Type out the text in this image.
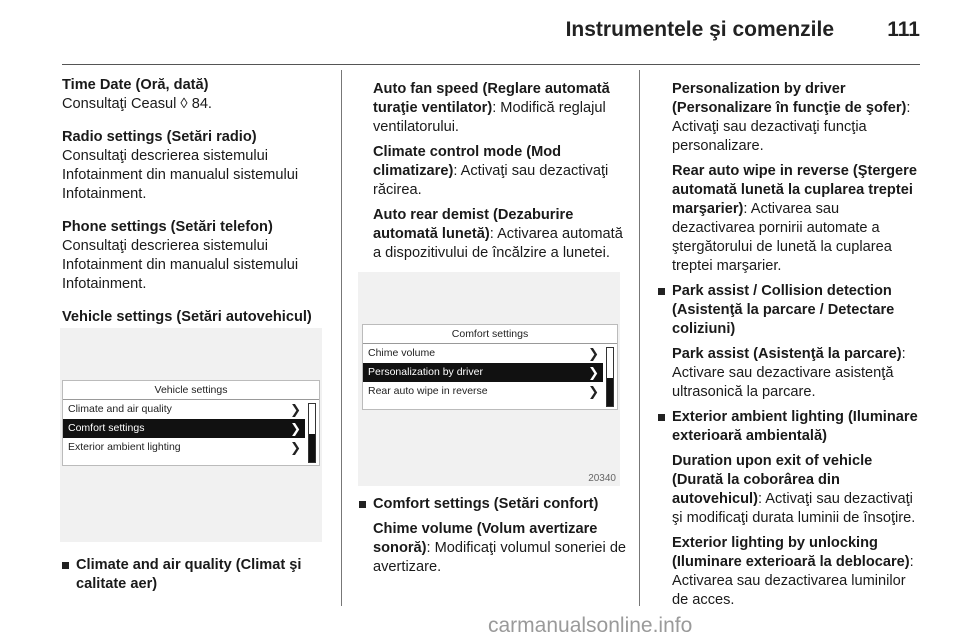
Instrumentele şi comenzile	111
Time Date (Oră, dată)
Consultaţi Ceasul ◊ 84.
Radio settings (Setări radio)
Consultaţi descrierea sistemului Infotainment din manualul sistemului Infotainment.
Phone settings (Setări telefon)
Consultaţi descrierea sistemului Infotainment din manualul sistemului Infotainment.
Vehicle settings (Setări autovehicul)
Vehicle settings
Climate and air quality	❯
Comfort settings	❯
Exterior ambient lighting	❯
Climate and air quality (Climat şi calitate aer)
Auto fan speed (Reglare automată turaţie ventilator): Modifică reglajul ventilatorului.
Climate control mode (Mod climatizare): Activaţi sau dezactivaţi răcirea.
Auto rear demist (Dezaburire automată lunetă): Activarea automată a dispozitivului de încălzire a lunetei.
Comfort settings
Chime volume	❯
Personalization by driver	❯
Rear auto wipe in reverse	❯
20340
Comfort settings (Setări confort)
Chime volume (Volum avertizare sonoră): Modificaţi volumul soneriei de avertizare.
Personalization by driver (Personalizare în funcţie de şofer): Activaţi sau dezactivaţi funcţia personalizare.
Rear auto wipe in reverse (Ştergere automată lunetă la cuplarea treptei marşarier): Activarea sau dezactivarea pornirii automate a ştergătorului de lunetă la cuplarea treptei marşarier.
Park assist / Collision detection (Asistenţă la parcare / Detectare coliziuni)
Park assist (Asistenţă la parcare): Activare sau dezactivare asistenţă ultrasonică la parcare.
Exterior ambient lighting (Iluminare exterioară ambientală)
Duration upon exit of vehicle (Durată la coborârea din autovehicul): Activaţi sau dezactivaţi şi modificaţi durata luminii de însoţire.
Exterior lighting by unlocking (Iluminare exterioară la deblocare): Activarea sau dezactivarea luminilor de acces.
carmanualsonline.info
